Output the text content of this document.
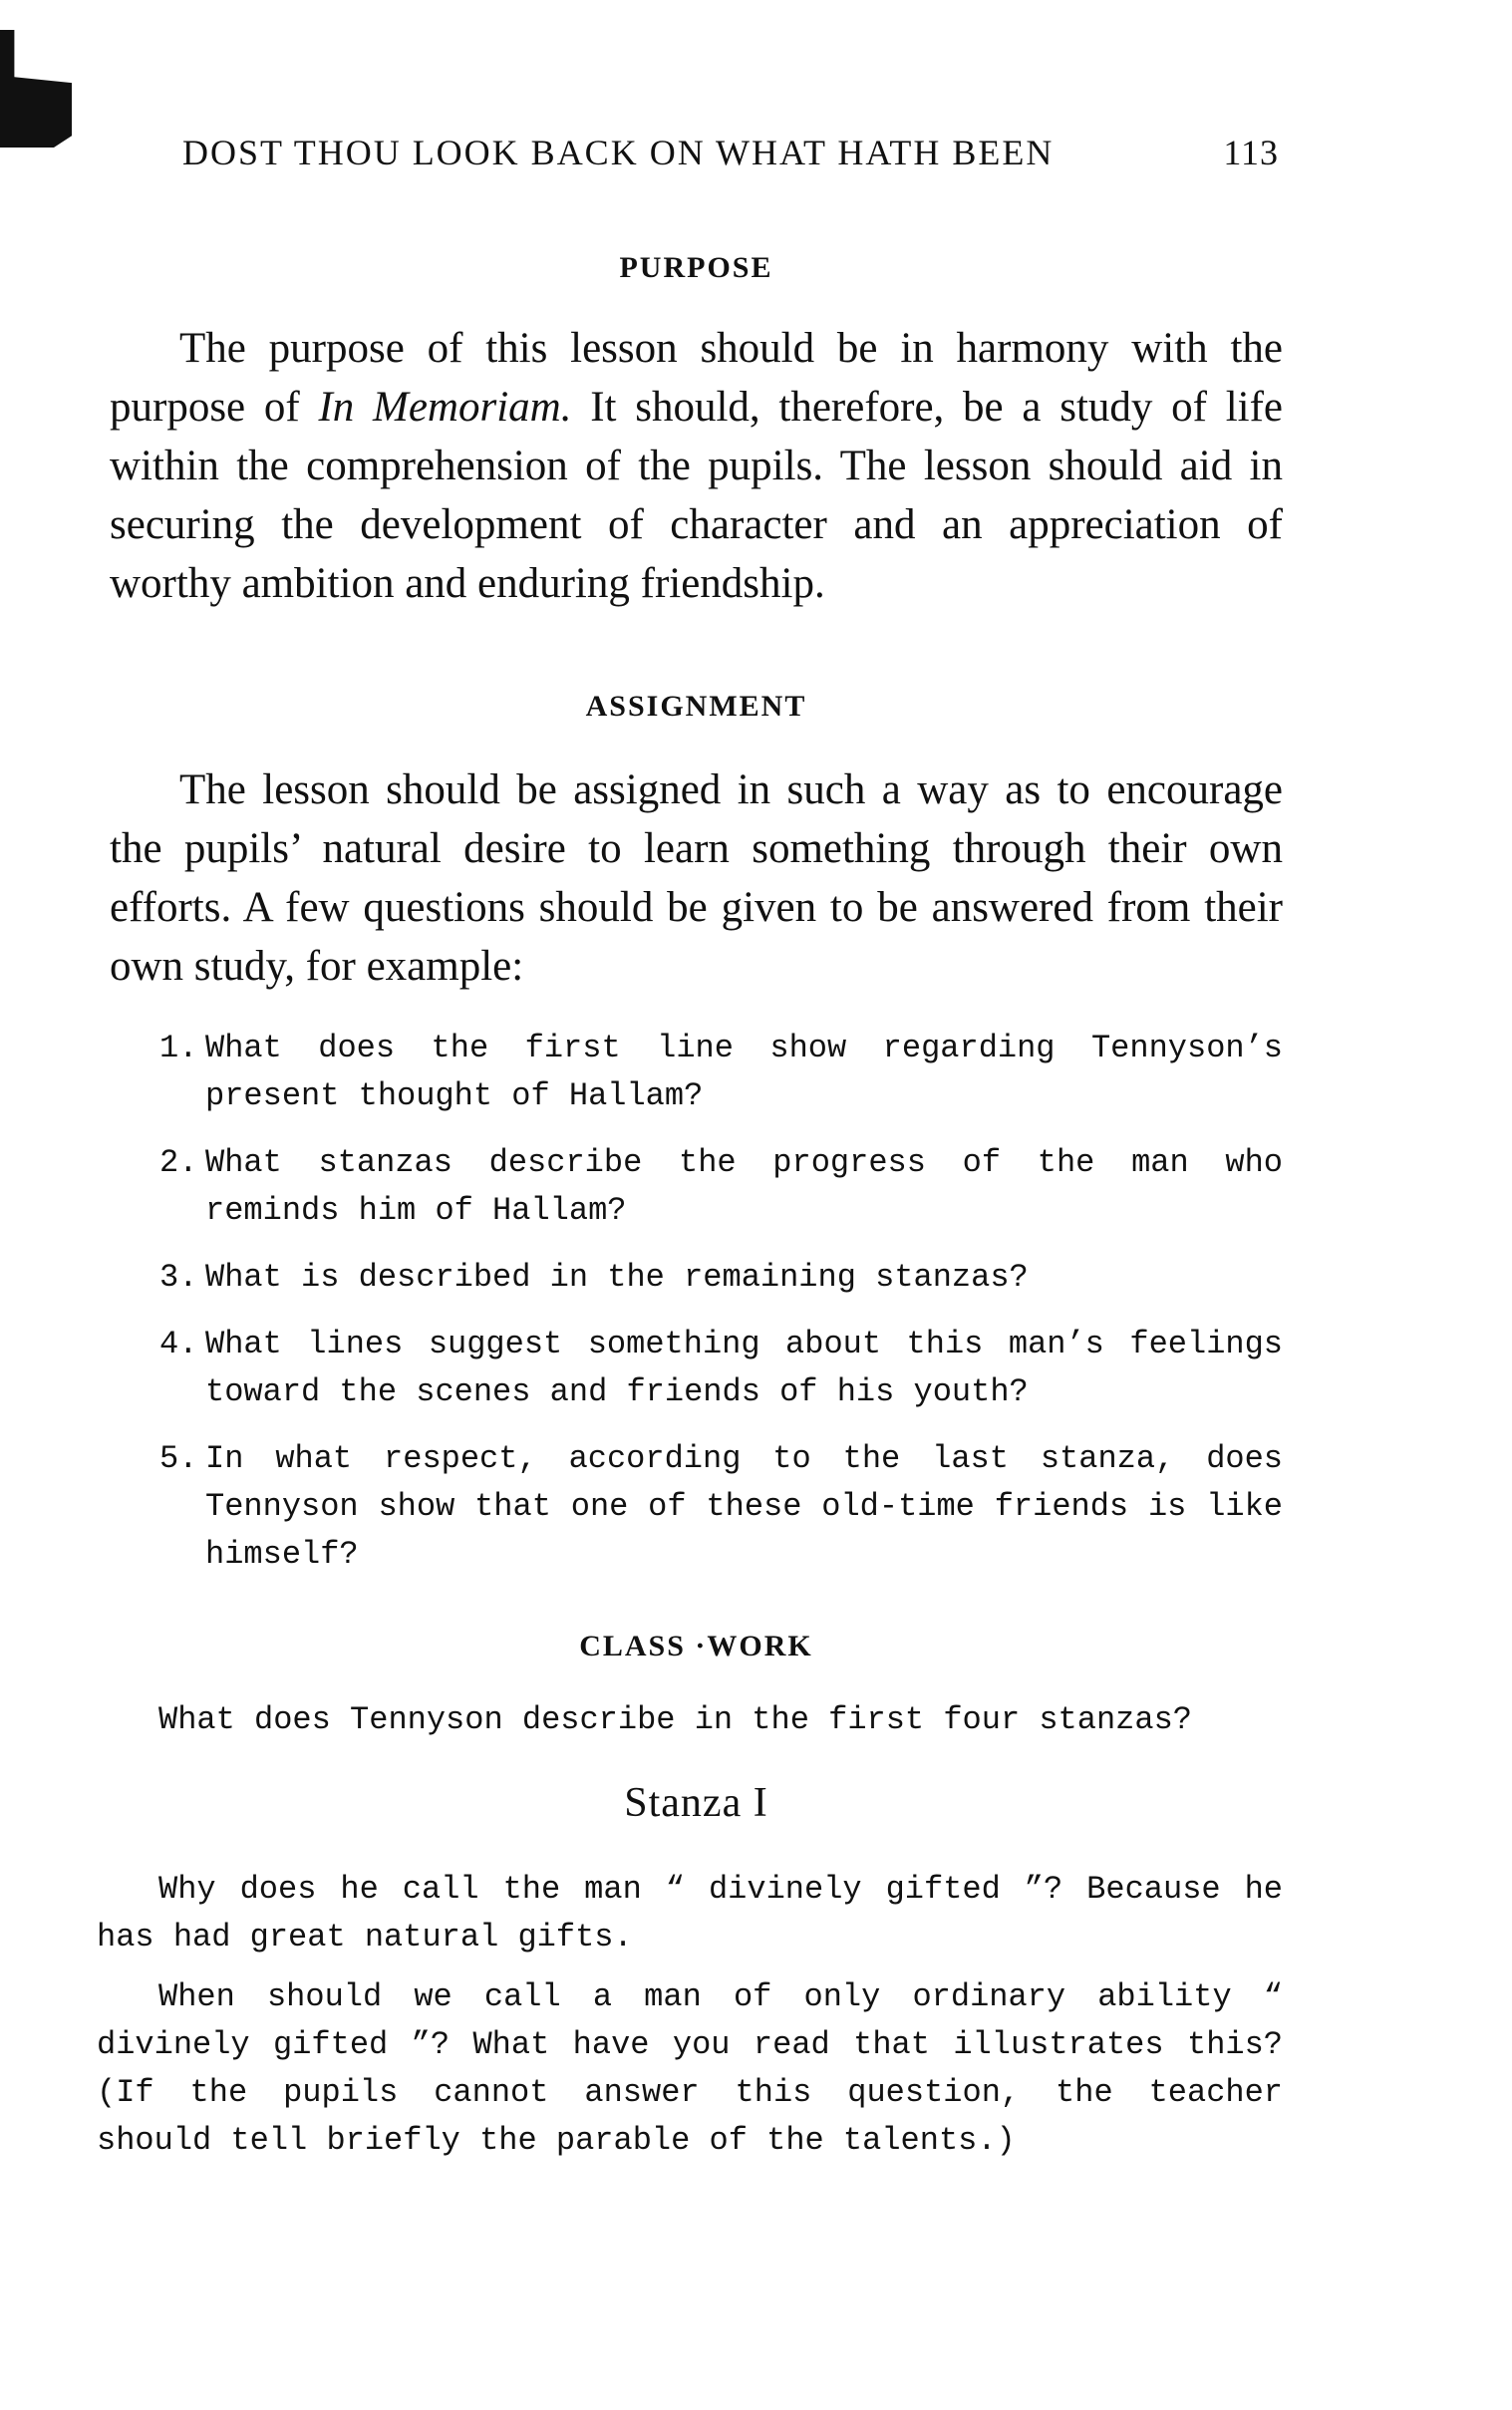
DOST THOU LOOK BACK ON WHAT HATH BEEN	113
PURPOSE

The purpose of this lesson should be in harmony with the purpose of In Memoriam. It should, therefore, be a study of life within the comprehension of the pupils. The lesson should aid in securing the development of character and an appreciation of worthy ambition and enduring friendship.

ASSIGNMENT

The lesson should be assigned in such a way as to encourage the pupils’ natural desire to learn something through their own efforts. A few questions should be given to be answered from their own study, for example:

1. What does the first line show regarding Tennyson’s present thought of Hallam?
2. What stanzas describe the progress of the man who reminds him of Hallam?
3. What is described in the remaining stanzas?
4. What lines suggest something about this man’s feelings toward the scenes and friends of his youth?
5. In what respect, according to the last stanza, does Tennyson show that one of these old-time friends is like himself?
CLASS ·WORK

What does Tennyson describe in the first four stanzas?

Stanza I

Why does he call the man “ divinely gifted ”? Because he has had great natural gifts.

When should we call a man of only ordinary ability “ divinely gifted ”? What have you read that illustrates this? (If the pupils cannot answer this question, the teacher should tell briefly the parable of the talents.)
